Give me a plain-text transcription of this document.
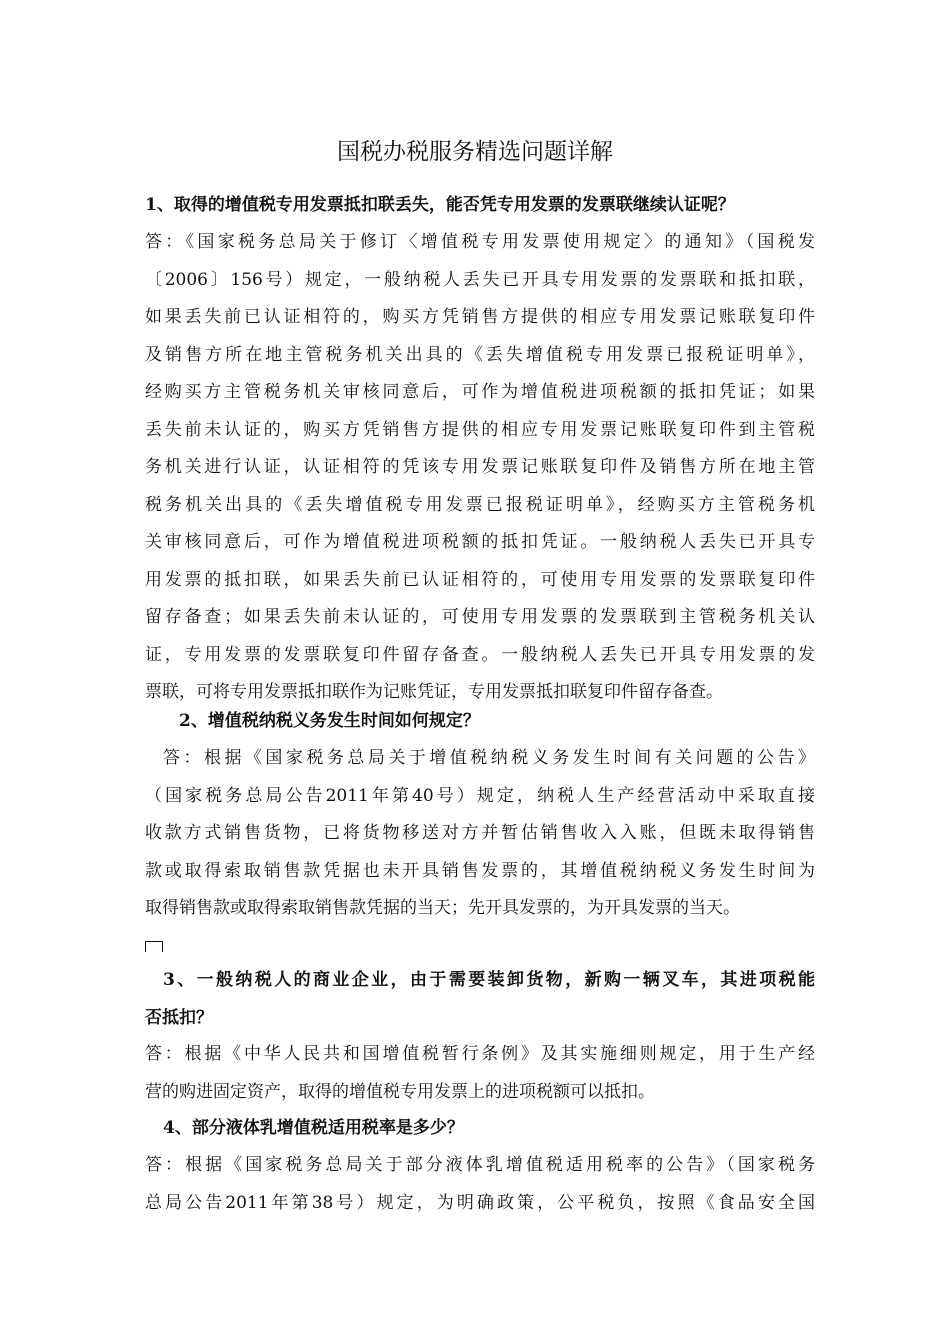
国税办税服务精选问题详解
1、取得的增值税专用发票抵扣联丢失，能否凭专用发票的发票联继续认证呢？
答：《国家税务总局关于修订〈增值税专用发票使用规定〉的通知》（国税发
〔2006〕156号）规定，一般纳税人丢失已开具专用发票的发票联和抵扣联，
如果丢失前已认证相符的，购买方凭销售方提供的相应专用发票记账联复印件
及销售方所在地主管税务机关出具的《丢失增值税专用发票已报税证明单》，
经购买方主管税务机关审核同意后，可作为增值税进项税额的抵扣凭证；如果
丢失前未认证的，购买方凭销售方提供的相应专用发票记账联复印件到主管税
务机关进行认证，认证相符的凭该专用发票记账联复印件及销售方所在地主管
税务机关出具的《丢失增值税专用发票已报税证明单》，经购买方主管税务机
关审核同意后，可作为增值税进项税额的抵扣凭证。一般纳税人丢失已开具专
用发票的抵扣联，如果丢失前已认证相符的，可使用专用发票的发票联复印件
留存备查；如果丢失前未认证的，可使用专用发票的发票联到主管税务机关认
证，专用发票的发票联复印件留存备查。一般纳税人丢失已开具专用发票的发
票联，可将专用发票抵扣联作为记账凭证，专用发票抵扣联复印件留存备查。
2、增值税纳税义务发生时间如何规定？
答：根据《国家税务总局关于增值税纳税义务发生时间有关问题的公告》
（国家税务总局公告2011年第40号）规定，纳税人生产经营活动中采取直接
收款方式销售货物，已将货物移送对方并暂估销售收入入账，但既未取得销售
款或取得索取销售款凭据也未开具销售发票的，其增值税纳税义务发生时间为
取得销售款或取得索取销售款凭据的当天；先开具发票的，为开具发票的当天。
3、一般纳税人的商业企业，由于需要装卸货物，新购一辆叉车，其进项税能
否抵扣？
答：根据《中华人民共和国增值税暂行条例》及其实施细则规定，用于生产经
营的购进固定资产，取得的增值税专用发票上的进项税额可以抵扣。
4、部分液体乳增值税适用税率是多少？
答：根据《国家税务总局关于部分液体乳增值税适用税率的公告》（国家税务
总局公告2011年第38号）规定，为明确政策，公平税负，按照《食品安全国
